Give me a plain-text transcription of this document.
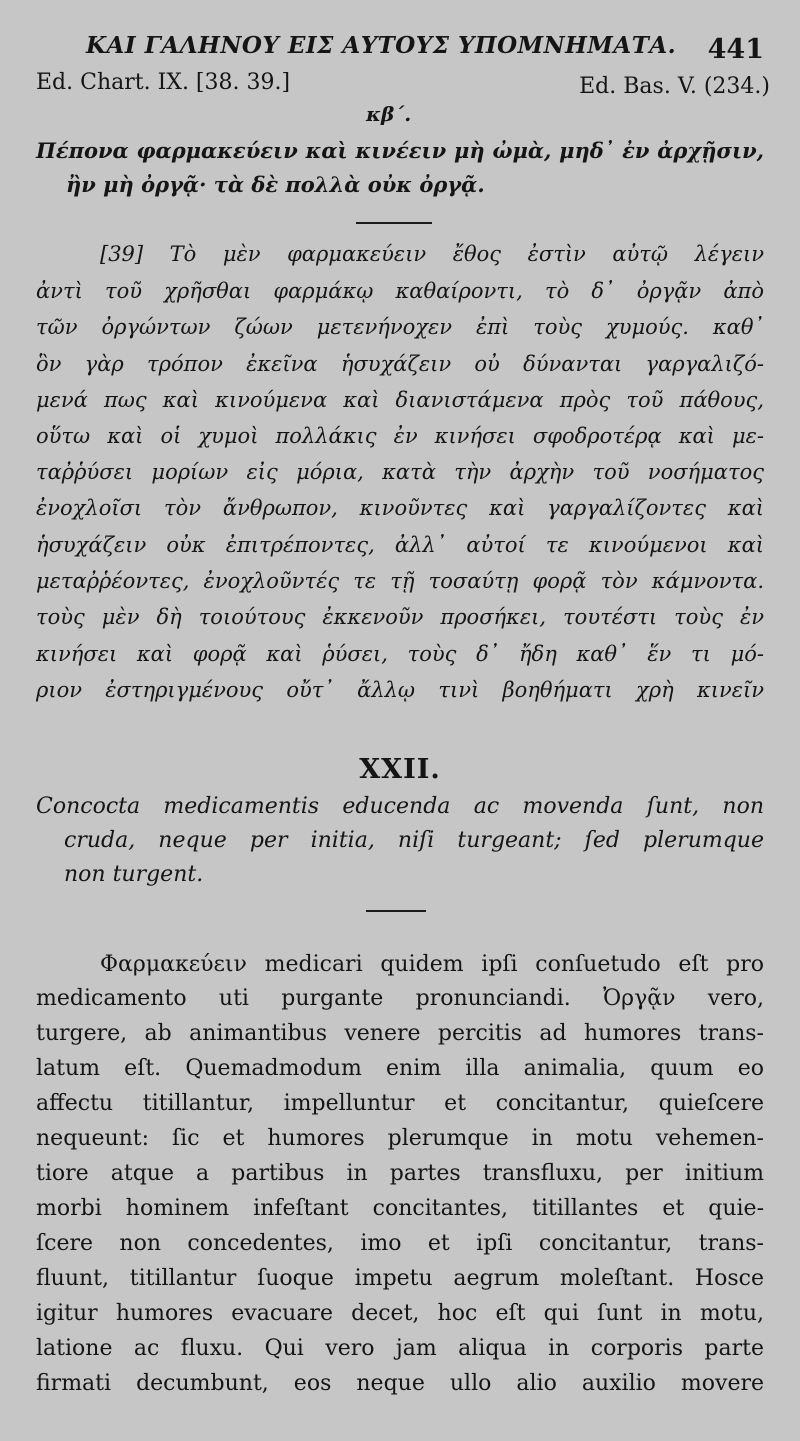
ΚΑΙ ΓΑΛΗΝΟΥ ΕΙΣ ΑΥΤΟΥΣ ΥΠΟΜΝΗΜΑΤΑ. 441
Ed. Chart. IX. [38. 39.]	Ed. Bas. V. (234.)
κβ΄.
Πέπονα φαρμακεύειν καὶ κινέειν μὴ ὠμὰ, μηδ᾽ ἐν ἀρχῇσιν,
ἢν μὴ ὀργᾷ· τὰ δὲ πολλὰ οὐκ ὀργᾷ.
[39] Τὸ μὲν φαρμακεύειν ἔθος ἐστὶν αὐτῷ λέγειν
ἀντὶ τοῦ χρῆσθαι φαρμάκῳ καθαίροντι, τὸ δ᾽ ὀργᾷν ἀπὸ
τῶν ὀργώντων ζώων μετενήνοχεν ἐπὶ τοὺς χυμούς. καθ᾽
ὃν γὰρ τρόπον ἐκεῖνα ἡσυχάζειν οὐ δύνανται γαργαλιζό-
μενά πως καὶ κινούμενα καὶ διανιστάμενα πρὸς τοῦ πάθους,
οὕτω καὶ οἱ χυμοὶ πολλάκις ἐν κινήσει σφοδροτέρᾳ καὶ με-
ταῤῥύσει μορίων εἰς μόρια, κατὰ τὴν ἀρχὴν τοῦ νοσήματος
ἐνοχλοῖσι τὸν ἄνθρωπον, κινοῦντες καὶ γαργαλίζοντες καὶ
ἡσυχάζειν οὐκ ἐπιτρέποντες, ἀλλ᾽ αὐτοί τε κινούμενοι καὶ
μεταῤῥέοντες, ἐνοχλοῦντές τε τῇ τοσαύτῃ φορᾷ τὸν κάμνοντα.
τοὺς μὲν δὴ τοιούτους ἐκκενοῦν προσήκει, τουτέστι τοὺς ἐν
κινήσει καὶ φορᾷ καὶ ῥύσει, τοὺς δ᾽ ἤδη καθ᾽ ἕν τι μό-
ριον ἐστηριγμένους οὔτ᾽ ἄλλῳ τινὶ βοηθήματι χρὴ κινεῖν
XXII.
Concocta medicamentis educenda ac movenda ſunt, non
cruda, neque per initia, niſi turgeant; ſed plerumque
non turgent.
Φαρμακεύειν medicari quidem ipſi conſuetudo eſt pro
medicamento uti purgante pronunciandi. Ὀργᾷν vero,
turgere, ab animantibus venere percitis ad humores trans-
latum eſt. Quemadmodum enim illa animalia, quum eo
affectu titillantur, impelluntur et concitantur, quieſcere
nequeunt: ſic et humores plerumque in motu vehemen-
tiore atque a partibus in partes transfluxu, per initium
morbi hominem infeſtant concitantes, titillantes et quie-
ſcere non concedentes, imo et ipſi concitantur, trans-
fluunt, titillantur ſuoque impetu aegrum moleſtant. Hosce
igitur humores evacuare decet, hoc eſt qui ſunt in motu,
latione ac fluxu. Qui vero jam aliqua in corporis parte
firmati decumbunt, eos neque ullo alio auxilio movere
